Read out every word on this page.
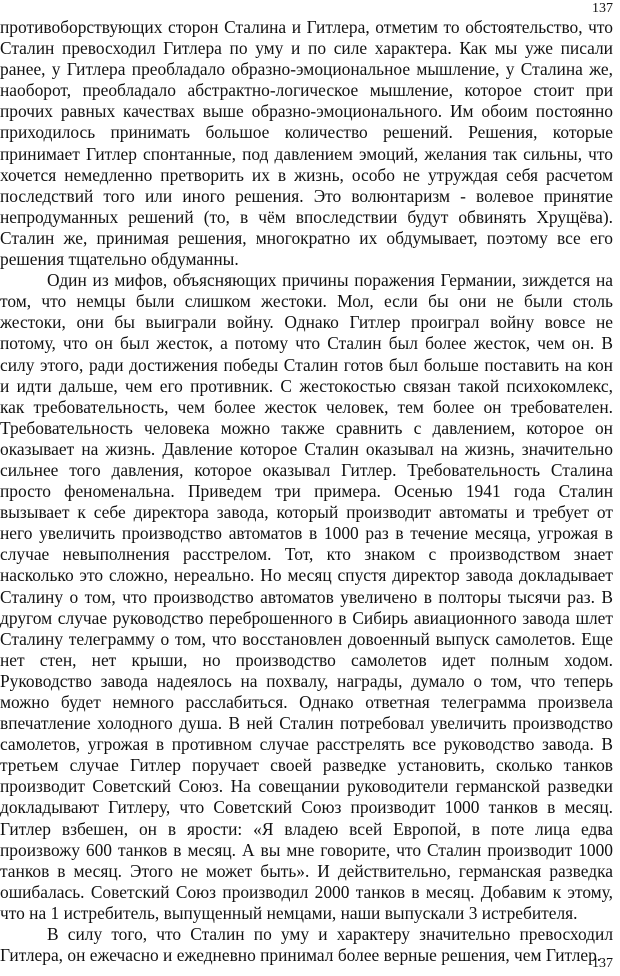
137
противоборствующих сторон Сталина и Гитлера, отметим то обстоятельство, что
Сталин превосходил Гитлера по уму и по силе характера. Как мы уже писали
ранее, у Гитлера преобладало образно-эмоциональное мышление, у Сталина же,
наоборот, преобладало абстрактно-логическое мышление, которое стоит при
прочих равных качествах выше образно-эмоционального. Им обоим постоянно
приходилось принимать большое количество решений. Решения, которые
принимает Гитлер спонтанные, под давлением эмоций, желания так сильны, что
хочется немедленно претворить их в жизнь, особо не утруждая себя расчетом
последствий того или иного решения. Это волюнтаризм - волевое принятие
непродуманных решений (то, в чём впоследствии будут обвинять Хрущёва).
Сталин же, принимая решения, многократно их обдумывает, поэтому все его
решения тщательно обдуманны.
Один из мифов, объясняющих причины поражения Германии, зиждется на
том, что немцы были слишком жестоки. Мол, если бы они не были столь
жестоки, они бы выиграли войну. Однако Гитлер проиграл войну вовсе не
потому, что он был жесток, а потому что Сталин был более жесток, чем он. В
силу этого, ради достижения победы Сталин готов был больше поставить на кон
и идти дальше, чем его противник. С жестокостью связан такой психокомлекс,
как требовательность, чем более жесток человек, тем более он требователен.
Требовательность человека можно также сравнить с давлением, которое он
оказывает на жизнь. Давление которое Сталин оказывал на жизнь, значительно
сильнее того давления, которое оказывал Гитлер. Требовательность Сталина
просто феноменальна. Приведем три примера. Осенью 1941 года Сталин
вызывает к себе директора завода, который производит автоматы и требует от
него увеличить производство автоматов в 1000 раз в течение месяца, угрожая в
случае невыполнения расстрелом. Тот, кто знаком с производством знает
насколько это сложно, нереально. Но месяц спустя директор завода докладывает
Сталину о том, что производство автоматов увеличено в полторы тысячи раз. В
другом случае руководство переброшенного в Сибирь авиационного завода шлет
Сталину телеграмму о том, что восстановлен довоенный выпуск самолетов. Еще
нет стен, нет крыши, но производство самолетов идет полным ходом.
Руководство завода надеялось на похвалу, награды, думало о том, что теперь
можно будет немного расслабиться. Однако ответная телеграмма произвела
впечатление холодного душа. В ней Сталин потребовал увеличить производство
самолетов, угрожая в противном случае расстрелять все руководство завода. В
третьем случае Гитлер поручает своей разведке установить, сколько танков
производит Советский Союз. На совещании руководители германской разведки
докладывают Гитлеру, что Советский Союз производит 1000 танков в месяц.
Гитлер взбешен, он в ярости: «Я владею всей Европой, в поте лица едва
произвожу 600 танков в месяц. А вы мне говорите, что Сталин производит 1000
танков в месяц. Этого не может быть». И действительно, германская разведка
ошибалась. Советский Союз производил 2000 танков в месяц. Добавим к этому,
что на 1 истребитель, выпущенный немцами, наши выпускали 3 истребителя.
В силу того, что Сталин по уму и характеру значительно превосходил
Гитлера, он ежечасно и ежедневно принимал более верные решения, чем Гитлер.
137
